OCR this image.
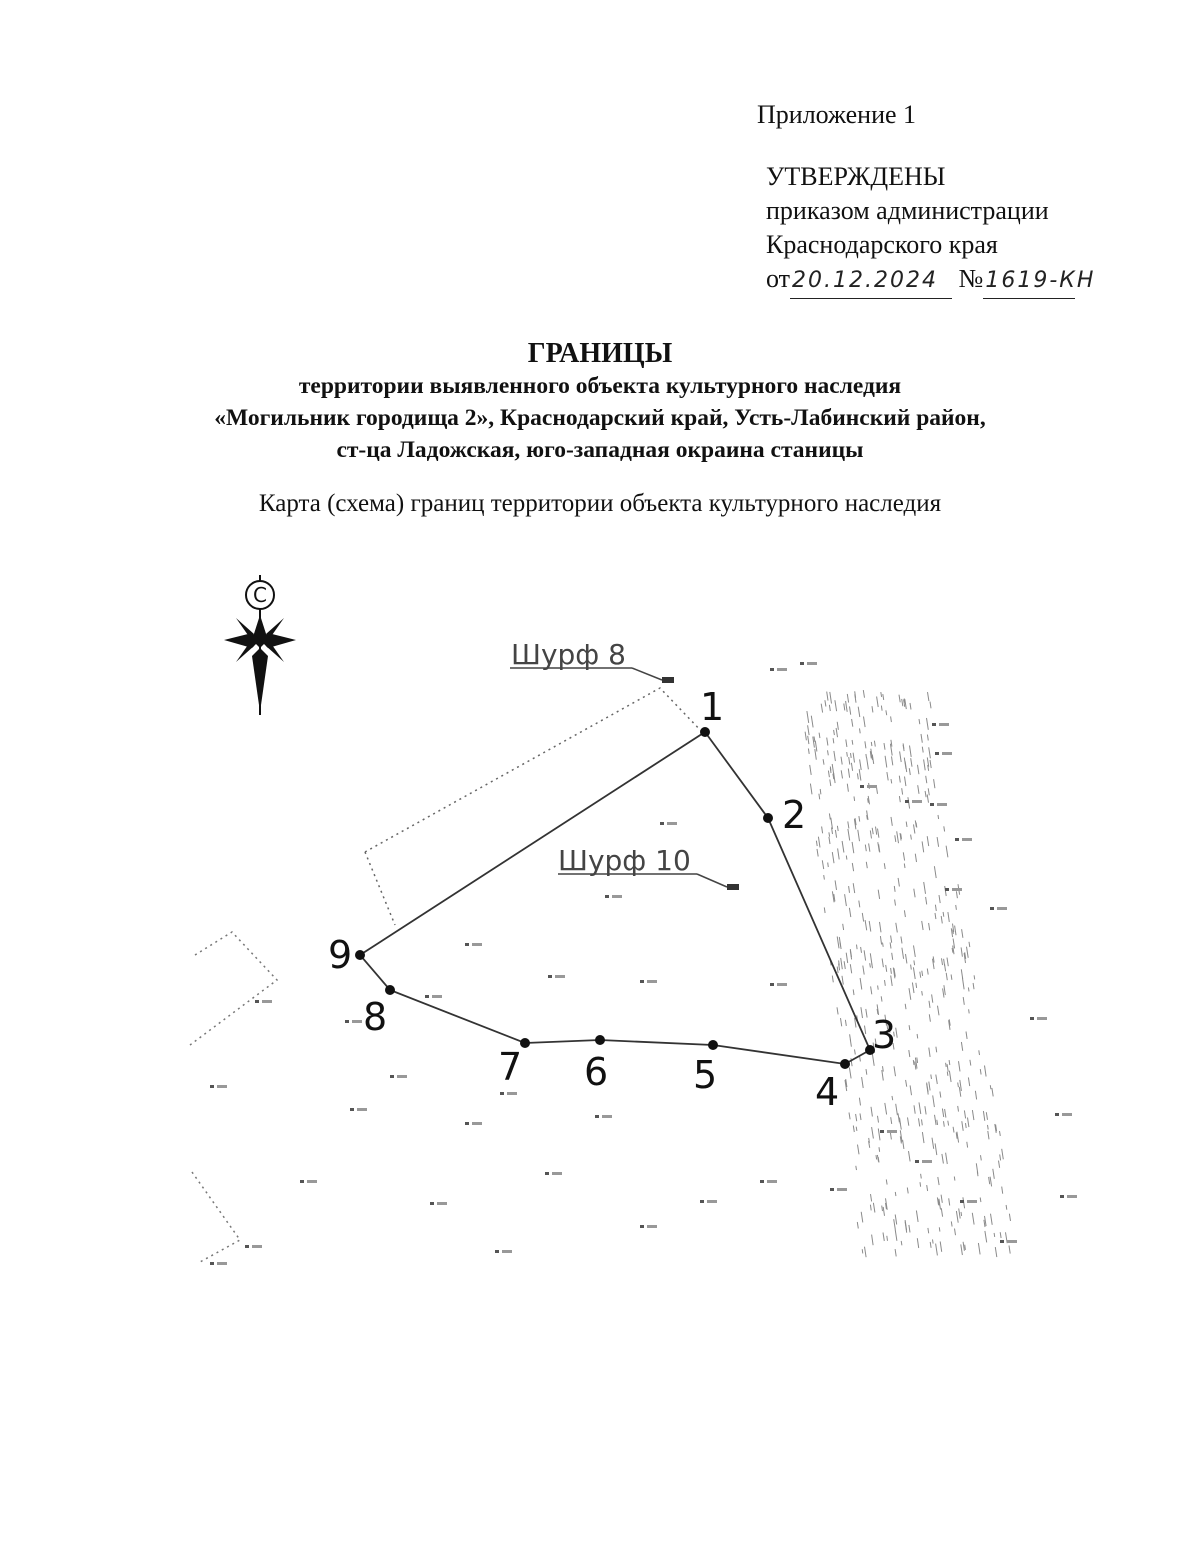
Приложение 1
УТВЕРЖДЕНЫ
приказом администрации
Краснодарского края
от20.12.2024 №1619-КН
ГРАНИЦЫ
территории выявленного объекта культурного наследия
«Могильник городища 2», Краснодарский край, Усть-Лабинский район,
ст-ца Ладожская, юго-западная окраина станицы
Карта (схема) границ территории объекта культурного наследия
С
1
2
3
4
5
6
7
8
9
Шурф 8
Шурф 10
